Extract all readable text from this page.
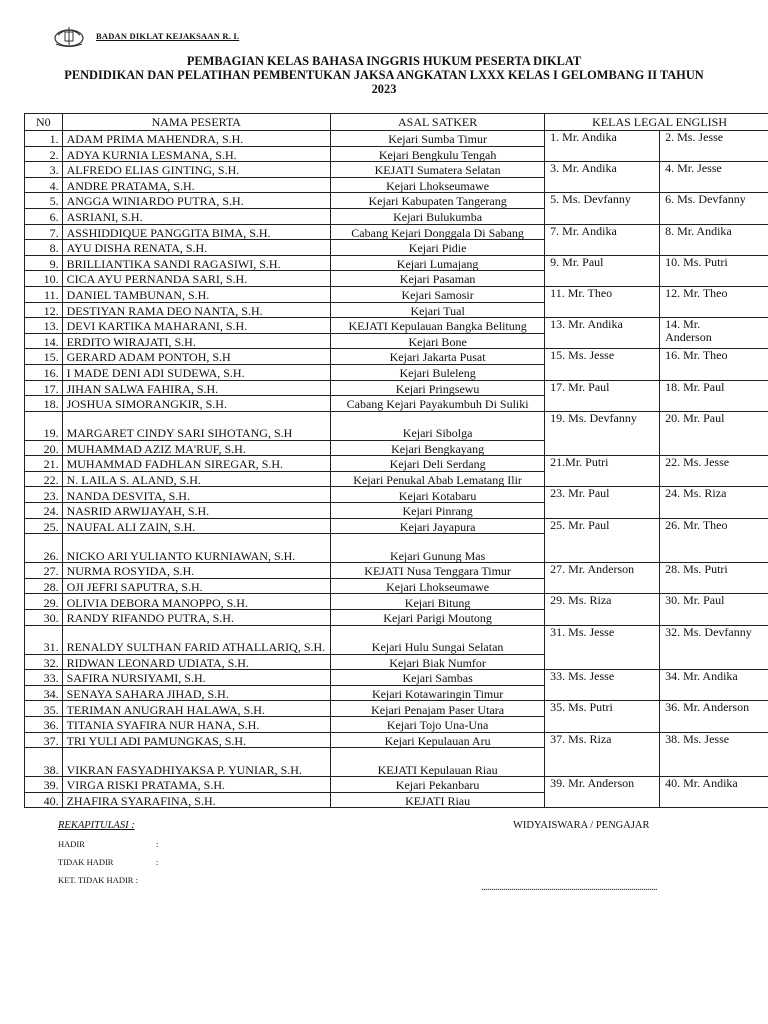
BADAN DIKLAT KEJAKSAAN R. I.
PEMBAGIAN KELAS BAHASA INGGRIS HUKUM PESERTA DIKLAT
PENDIDIKAN DAN PELATIHAN PEMBENTUKAN JAKSA ANGKATAN LXXX KELAS I GELOMBANG II TAHUN
2023
N0	NAMA PESERTA	ASAL SATKER	KELAS LEGAL ENGLISH	
1.	ADAM PRIMA MAHENDRA, S.H.	Kejari Sumba Timur	1. Mr. Andika	2. Ms. Jesse
2.	ADYA KURNIA LESMANA, S.H.	Kejari Bengkulu Tengah		
3.	ALFREDO ELIAS GINTING, S.H.	KEJATI Sumatera Selatan	3. Mr. Andika	4. Mr. Jesse
4.	ANDRE PRATAMA, S.H.	Kejari Lhokseumawe		
5.	ANGGA WINIARDO PUTRA, S.H.	Kejari Kabupaten Tangerang	5. Ms. Devfanny	6. Ms. Devfanny
6.	ASRIANI, S.H.	Kejari Bulukumba		
7.	ASSHIDDIQUE PANGGITA BIMA, S.H.	Cabang Kejari Donggala Di Sabang	7. Mr. Andika	8. Mr. Andika
8.	AYU DISHA RENATA, S.H.	Kejari Pidie		
9.	BRILLIANTIKA SANDI RAGASIWI, S.H.	Kejari Lumajang	9. Mr. Paul	10. Ms. Putri
10.	CICA AYU PERNANDA SARI, S.H.	Kejari Pasaman		
11.	DANIEL TAMBUNAN, S.H.	Kejari Samosir	11. Mr. Theo	12. Mr. Theo
12.	DESTIYAN RAMA DEO NANTA, S.H.	Kejari Tual		
13.	DEVI KARTIKA MAHARANI, S.H.	KEJATI Kepulauan Bangka Belitung	13. Mr. Andika	14. Mr.
Anderson
14.	ERDITO WIRAJATI, S.H.	Kejari Bone		
15.	GERARD ADAM PONTOH, S.H	Kejari Jakarta Pusat	15. Ms. Jesse	16. Mr. Theo
16.	I MADE DENI ADI SUDEWA, S.H.	Kejari Buleleng		
17.	JIHAN SALWA FAHIRA, S.H.	Kejari Pringsewu	17. Mr. Paul	18. Mr. Paul
18.	JOSHUA SIMORANGKIR, S.H.	Cabang Kejari Payakumbuh Di Suliki		
19.	MARGARET CINDY SARI SIHOTANG, S.H	Kejari Sibolga	19. Ms. Devfanny	20. Mr. Paul
20.	MUHAMMAD AZIZ MA'RUF, S.H.	Kejari Bengkayang		
21.	MUHAMMAD FADHLAN SIREGAR, S.H.	Kejari Deli Serdang	21.Mr. Putri	22. Ms. Jesse
22.	N. LAILA S. ALAND, S.H.	Kejari Penukal Abab Lematang Ilir		
23.	NANDA DESVITA, S.H.	Kejari Kotabaru	23. Mr. Paul	24. Ms. Riza
24.	NASRID ARWIJAYAH, S.H.	Kejari Pinrang		
25.	NAUFAL ALI ZAIN, S.H.	Kejari Jayapura	25. Mr. Paul	26. Mr. Theo
26.	NICKO ARI YULIANTO KURNIAWAN, S.H.	Kejari Gunung Mas		
27.	NURMA ROSYIDA, S.H.	KEJATI Nusa Tenggara Timur	27. Mr. Anderson	28. Ms. Putri
28.	OJI JEFRI SAPUTRA, S.H.	Kejari Lhokseumawe		
29.	OLIVIA DEBORA MANOPPO, S.H.	Kejari Bitung	29. Ms. Riza	30. Mr. Paul
30.	RANDY RIFANDO PUTRA, S.H.	Kejari Parigi Moutong		
31.	RENALDY SULTHAN FARID ATHALLARIQ, S.H.	Kejari Hulu Sungai Selatan	31. Ms. Jesse	32. Ms. Devfanny
32.	RIDWAN LEONARD UDIATA, S.H.	Kejari Biak Numfor		
33.	SAFIRA NURSIYAMI, S.H.	Kejari Sambas	33. Ms. Jesse	34. Mr. Andika
34.	SENAYA SAHARA JIHAD, S.H.	Kejari Kotawaringin Timur		
35.	TERIMAN ANUGRAH HALAWA, S.H.	Kejari Penajam Paser Utara	35. Ms. Putri	36. Mr. Anderson
36.	TITANIA SYAFIRA NUR HANA, S.H.	Kejari Tojo Una-Una		
37.	TRI YULI ADI PAMUNGKAS, S.H.	Kejari Kepulauan Aru	37. Ms. Riza	38. Ms. Jesse
38.	VIKRAN FASYADHIYAKSA P. YUNIAR, S.H.	KEJATI Kepulauan Riau		
39.	VIRGA RISKI PRATAMA, S.H.	Kejari Pekanbaru	39. Mr. Anderson	40. Mr. Andika
40.	ZHAFIRA SYARAFINA, S.H.	KEJATI Riau		
REKAPITULASI :
HADIR	:
TIDAK HADIR	:
KET. TIDAK HADIR :
WIDYAISWARA / PENGAJAR
........................................................................................
